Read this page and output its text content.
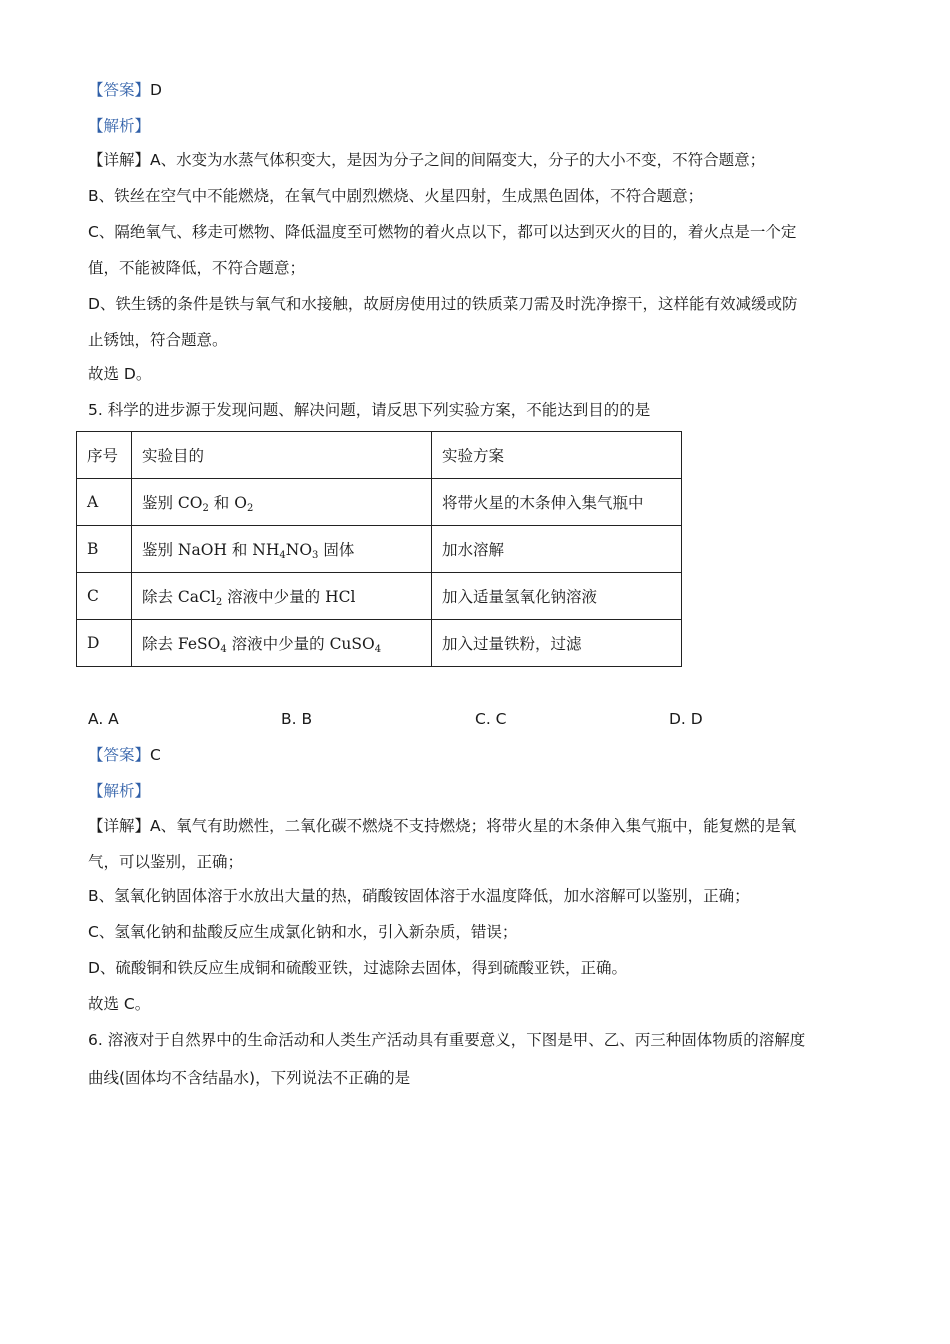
【答案】D
【解析】
【详解】A、水变为水蒸气体积变大，是因为分子之间的间隔变大，分子的大小不变，不符合题意；
B、铁丝在空气中不能燃烧，在氧气中剧烈燃烧、火星四射，生成黑色固体，不符合题意；
C、隔绝氧气、移走可燃物、降低温度至可燃物的着火点以下，都可以达到灭火的目的，着火点是一个定
值，不能被降低，不符合题意；
D、铁生锈的条件是铁与氧气和水接触，故厨房使用过的铁质菜刀需及时洗净擦干，这样能有效减缓或防
止锈蚀，符合题意。
故选 D。
5. 科学的进步源于发现问题、解决问题，请反思下列实验方案，不能达到目的的是
序号	实验目的	实验方案
A	鉴别 $CO_2$ 和 $O_2$	将带火星的木条伸入集气瓶中
B	鉴别 NaOH 和 $NH_4NO_3$ 固体	加水溶解
C	除去 CaCl$_2$ 溶液中少量的 HCl	加入适量氢氧化钠溶液
D	除去 FeSO$_4$ 溶液中少量的 CuSO$_4$	加入过量铁粉，过滤
A. A	B. B	C. C	D. D
【答案】C
【解析】
【详解】A、氧气有助燃性，二氧化碳不燃烧不支持燃烧；将带火星的木条伸入集气瓶中，能复燃的是氧
气，可以鉴别，正确；
B、氢氧化钠固体溶于水放出大量的热，硝酸铵固体溶于水温度降低，加水溶解可以鉴别，正确；
C、氢氧化钠和盐酸反应生成氯化钠和水，引入新杂质，错误；
D、硫酸铜和铁反应生成铜和硫酸亚铁，过滤除去固体，得到硫酸亚铁，正确。
故选 C。
6. 溶液对于自然界中的生命活动和人类生产活动具有重要意义，下图是甲、乙、丙三种固体物质的溶解度
曲线(固体均不含结晶水)，下列说法不正确的是
